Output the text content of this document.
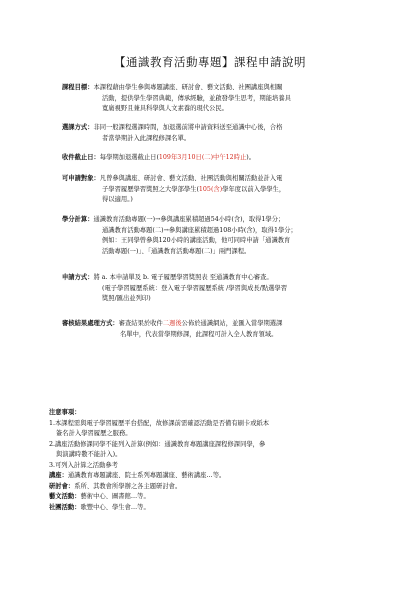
【通識教育活動專題】課程申請說明
課程目標：本課程藉由學生參與專題講座、研討會、藝文活動、社團講座與相關
活動，提供學生學習典範，傳承經驗，並啟發學生思考，期能培養具
寬廣視野且兼具科學與人文素養的現代公民。
選課方式：非同一般課程選課時間，加退選前將申請資料送至通識中心後，合格
者當學期計入此課程修課名單。
收件截止日：每學期加退選截止日(109年3月10日(二)中午12時止)。
可申請對象：凡曾參與講座、研討會、藝文活動、社團活動與相關活動並計入電
子學習履歷學習獎照之大學部學生(105(含)學年度以前入學學生，
得以適用。)
學分計算：通識教育活動專題(一)→參與講座累積超過54小時(含)，取得1學分；
通識教育活動專題(二)→參與講座累積超過108小時(含)，取得1學分；
例如：王同學曾參與120小時的講座活動，他可同時申請「通識教育
活動專題(一)」、「通識教育活動專題(二)」兩門課程。
申請方式：將 a. 本申請單及 b. 電子履歷學習獎照表 至通識教育中心審查。
(電子學習履歷系統：登入電子學習履歷系統 /學習與成長/點選學習
獎照/匯出並列印)
審核結果處理方式：審查結果於收件二週後公佈於通識網站，並匯入當學期選課
名單中，代表當學期修課，此課程可計入全人教育領域。
注意事項：
1.本課程需與電子學習履歷平台搭配，故修課前需確認活動是否備有刷卡或紙本
簽名計入學習履歷之服務。
2.講座活動修課同學不能列入計算(例如：通識教育專題講座課程修課同學，參
與演講時數不能計入)。
3.可列入計算之活動參考
講座：通識教育專題講座、院士系列專題講座、藝術講座…等。
研討會：系所、其教會所學辦之各主題研討會。
藝文活動：藝術中心、圖書館…等。
社團活動：歌豐中心、學生會…等。
